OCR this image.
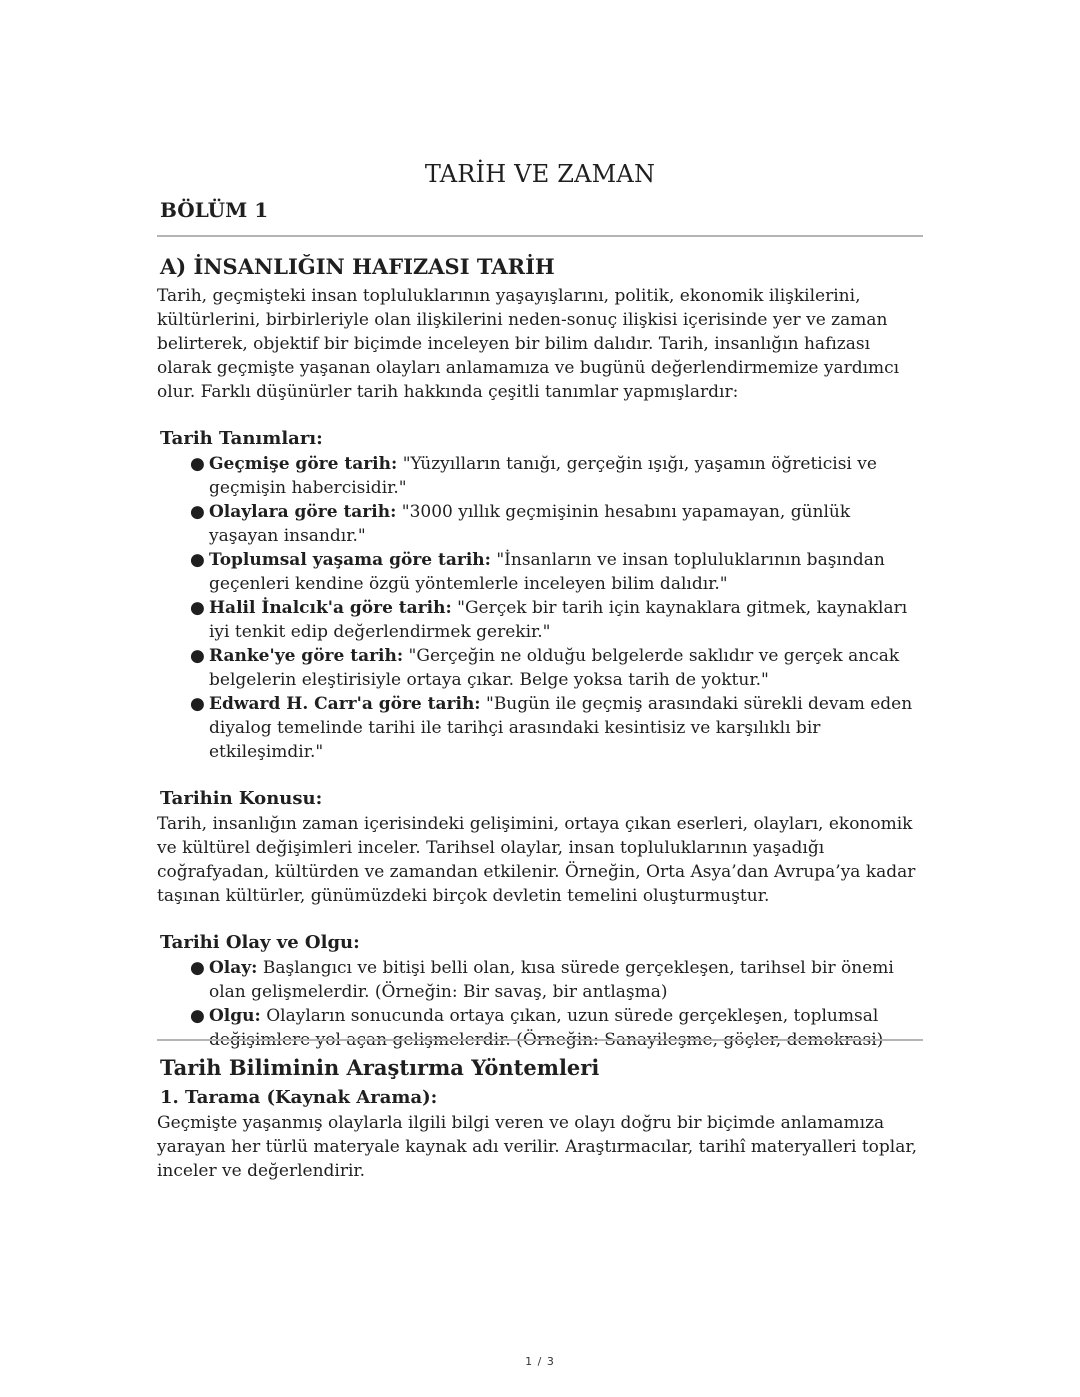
TARİH VE ZAMAN
BÖLÜM 1
A) İNSANLIĞIN HAFIZASI TARİH

Tarih, geçmişteki insan topluluklarının yaşayışlarını, politik, ekonomik ilişkilerini, kültürlerini, birbirleriyle olan ilişkilerini neden-sonuç ilişkisi içerisinde yer ve zaman belirterek, objektif bir biçimde inceleyen bir bilim dalıdır. Tarih, insanlığın hafızası olarak geçmişte yaşanan olayları anlamamıza ve bugünü değerlendirmemize yardımcı olur. Farklı düşünürler tarih hakkında çeşitli tanımlar yapmışlardır:

Tarih Tanımları:
● Geçmişe göre tarih: "Yüzyılların tanığı, gerçeğin ışığı, yaşamın öğreticisi ve geçmişin habercisidir."
● Olaylara göre tarih: "3000 yıllık geçmişinin hesabını yapamayan, günlük yaşayan insandır."
● Toplumsal yaşama göre tarih: "İnsanların ve insan topluluklarının başından geçenleri kendine özgü yöntemlerle inceleyen bilim dalıdır."
● Halil İnalcık'a göre tarih: "Gerçek bir tarih için kaynaklara gitmek, kaynakları iyi tenkit edip değerlendirmek gerekir."
● Ranke'ye göre tarih: "Gerçeğin ne olduğu belgelerde saklıdır ve gerçek ancak belgelerin eleştirisiyle ortaya çıkar. Belge yoksa tarih de yoktur."
● Edward H. Carr'a göre tarih: "Bugün ile geçmiş arasındaki sürekli devam eden diyalog temelinde tarihi ile tarihçi arasındaki kesintisiz ve karşılıklı bir etkileşimdir."
Tarihin Konusu:

Tarih, insanlığın zaman içerisindeki gelişimini, ortaya çıkan eserleri, olayları, ekonomik ve kültürel değişimleri inceler. Tarihsel olaylar, insan topluluklarının yaşadığı coğrafyadan, kültürden ve zamandan etkilenir. Örneğin, Orta Asya’dan Avrupa’ya kadar taşınan kültürler, günümüzdeki birçok devletin temelini oluşturmuştur.

Tarihi Olay ve Olgu:
● Olay: Başlangıcı ve bitişi belli olan, kısa sürede gerçekleşen, tarihsel bir önemi olan gelişmelerdir. (Örneğin: Bir savaş, bir antlaşma)
● Olgu: Olayların sonucunda ortaya çıkan, uzun sürede gerçekleşen, toplumsal değişimlere yol açan gelişmelerdir. (Örneğin: Sanayileşme, göçler, demokrasi)
Tarih Biliminin Araştırma Yöntemleri
1. Tarama (Kaynak Arama):

Geçmişte yaşanmış olaylarla ilgili bilgi veren ve olayı doğru bir biçimde anlamamıza yarayan her türlü materyale kaynak adı verilir. Araştırmacılar, tarihî materyalleri toplar, inceler ve değerlendirir.

1 / 3
